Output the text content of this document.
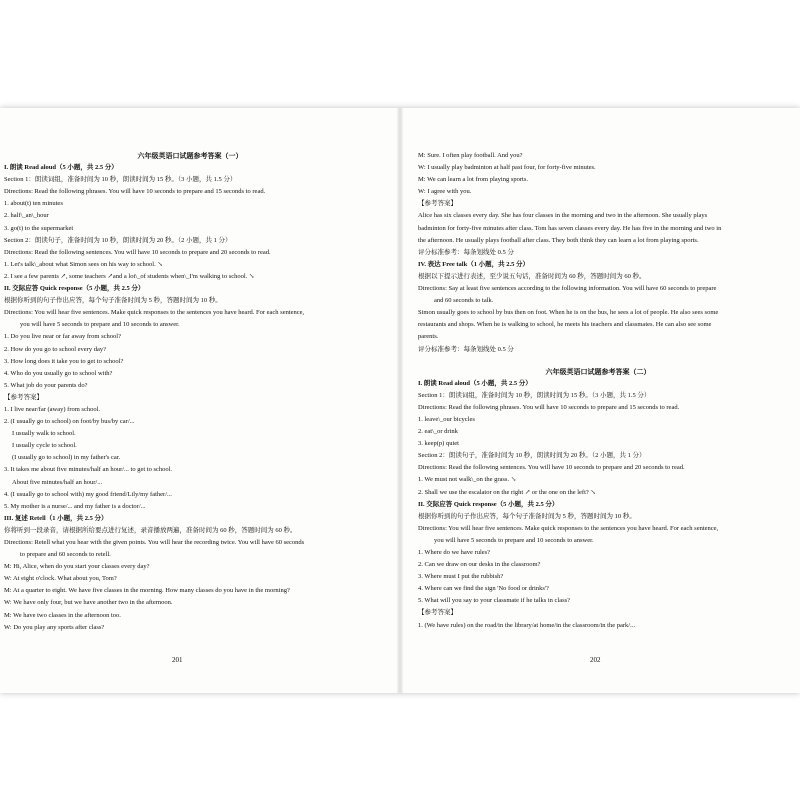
六年级英语口试题参考答案（一）
I. 朗读 Read aloud（5 小题，共 2.5 分）
Section 1：朗读词组，准备时间为 10 秒，朗读时间为 15 秒。（3 小题，共 1.5 分）
Directions: Read the following phrases. You will have 10 seconds to prepare and 15 seconds to read.
1. about(t) ten minutes
2. half\_an\_hour
3. go(t) to the supermarket
Section 2：朗读句子，准备时间为 10 秒，朗读时间为 20 秒。（2 小题，共 1 分）
Directions: Read the following sentences. You will have 10 seconds to prepare and 20 seconds to read.
1. Let's talk\_about what Simon sees on his way to school. ↘
2. I see a few parents ↗, some teachers ↗and a lot\_of students when\_I'm walking to school. ↘
II. 交际应答 Quick response（5 小题，共 2.5 分）
根据你听到的句子作出应答，每个句子准备时间为 5 秒，答题时间为 10 秒。
Directions: You will hear five sentences. Make quick responses to the sentences you have heard. For each sentence,
you will have 5 seconds to prepare and 10 seconds to answer.
1. Do you live near or far away from school?
2. How do you go to school every day?
3. How long does it take you to get to school?
4. Who do you usually go to school with?
5. What job do your parents do?
【参考答案】
1. I live near/far (away) from school.
2. (I usually go to school) on foot/by bus/by car/...
I usually walk to school.
I usually cycle to school.
(I usually go to school) in my father's car.
3. It takes me about five minutes/half an hour/... to get to school.
About five minutes/half an hour/...
4. (I usually go to school with) my good friend/Lily/my father/...
5. My mother is a nurse/... and my father is a doctor/...
III. 复述 Retell（1 小题，共 2.5 分）
你将听到一段录音，请根据所给要点进行复述，录音播放两遍，准备时间为 60 秒，答题时间为 60 秒。
Directions: Retell what you hear with the given points. You will hear the recording twice. You will have 60 seconds
to prepare and 60 seconds to retell.
M: Hi, Alice, when do you start your classes every day?
W: At eight o'clock. What about you, Tom?
M: At a quarter to eight. We have five classes in the morning. How many classes do you have in the morning?
W: We have only four, but we have another two in the afternoon.
M: We have two classes in the afternoon too.
W: Do you play any sports after class?
M: Sure. I often play football. And you?
W: I usually play badminton at half past four, for forty-five minutes.
M: We can learn a lot from playing sports.
W: I agree with you.
【参考答案】
Alice has six classes every day. She has four classes in the morning and two in the afternoon. She usually plays
badminton for forty-five minutes after class. Tom has seven classes every day. He has five in the morning and two in
the afternoon. He usually plays football after class. They both think they can learn a lot from playing sports.
评分标准参考：每条划线处 0.5 分
IV. 表达 Free talk（1 小题，共 2.5 分）
根据以下提示进行表述，至少说五句话，准备时间为 60 秒，答题时间为 60 秒。
Directions: Say at least five sentences according to the following information. You will have 60 seconds to prepare
and 60 seconds to talk.
Simon usually goes to school by bus then on foot. When he is on the bus, he sees a lot of people. He also sees some
restaurants and shops. When he is walking to school, he meets his teachers and classmates. He can also see some
parents.
评分标准参考：每条划线处 0.5 分
六年级英语口试题参考答案（二）
I. 朗读 Read aloud（5 小题，共 2.5 分）
Section 1：朗读词组，准备时间为 10 秒，朗读时间为 15 秒。（3 小题，共 1.5 分）
Directions: Read the following phrases. You will have 10 seconds to prepare and 15 seconds to read.
1. leave\_our bicycles
2. eat\_or drink
3. keep(p) quiet
Section 2：朗读句子，准备时间为 10 秒，朗读时间为 20 秒。（2 小题，共 1 分）
Directions: Read the following sentences. You will have 10 seconds to prepare and 20 seconds to read.
1. We must not walk\_on the grass. ↘
2. Shall we use the escalator on the right ↗ or the one on the left? ↘
II. 交际应答 Quick response（5 小题，共 2.5 分）
根据你听到的句子作出应答，每个句子准备时间为 5 秒，答题时间为 10 秒。
Directions: You will hear five sentences. Make quick responses to the sentences you have heard. For each sentence,
you will have 5 seconds to prepare and 10 seconds to answer.
1. Where do we have rules?
2. Can we draw on our desks in the classroom?
3. Where must I put the rubbish?
4. Where can we find the sign 'No food or drinks'?
5. What will you say to your classmate if he talks in class?
【参考答案】
1. (We have rules) on the road/in the library/at home/in the classroom/in the park/...
201	202
